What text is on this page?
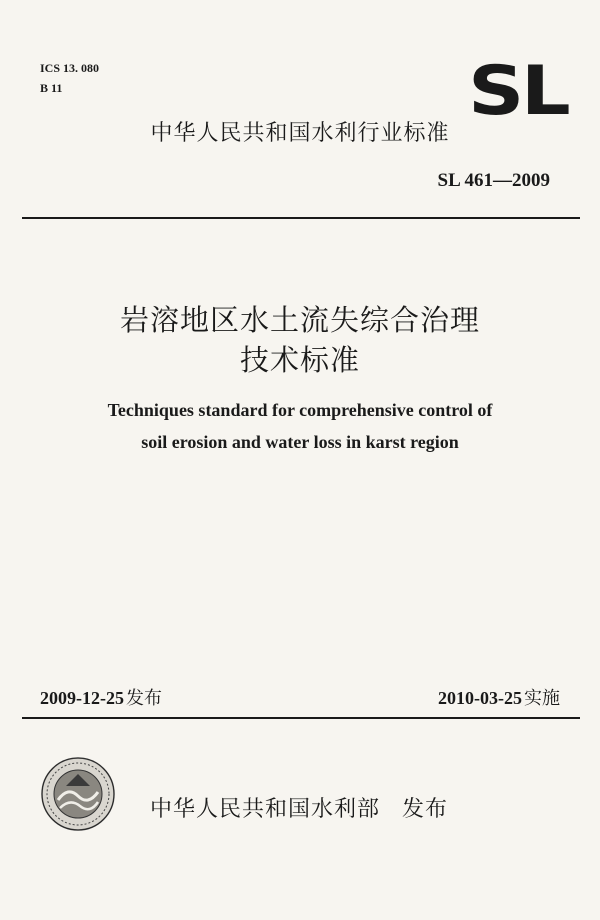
ICS 13. 080
B 11	SL
中华人民共和国水利行业标准
SL 461—2009
岩溶地区水土流失综合治理
技术标准
Techniques standard for comprehensive control of
soil erosion and water loss in karst region
2009-12-25 发布	2010-03-25 实施
中华人民共和国水利部 发布
